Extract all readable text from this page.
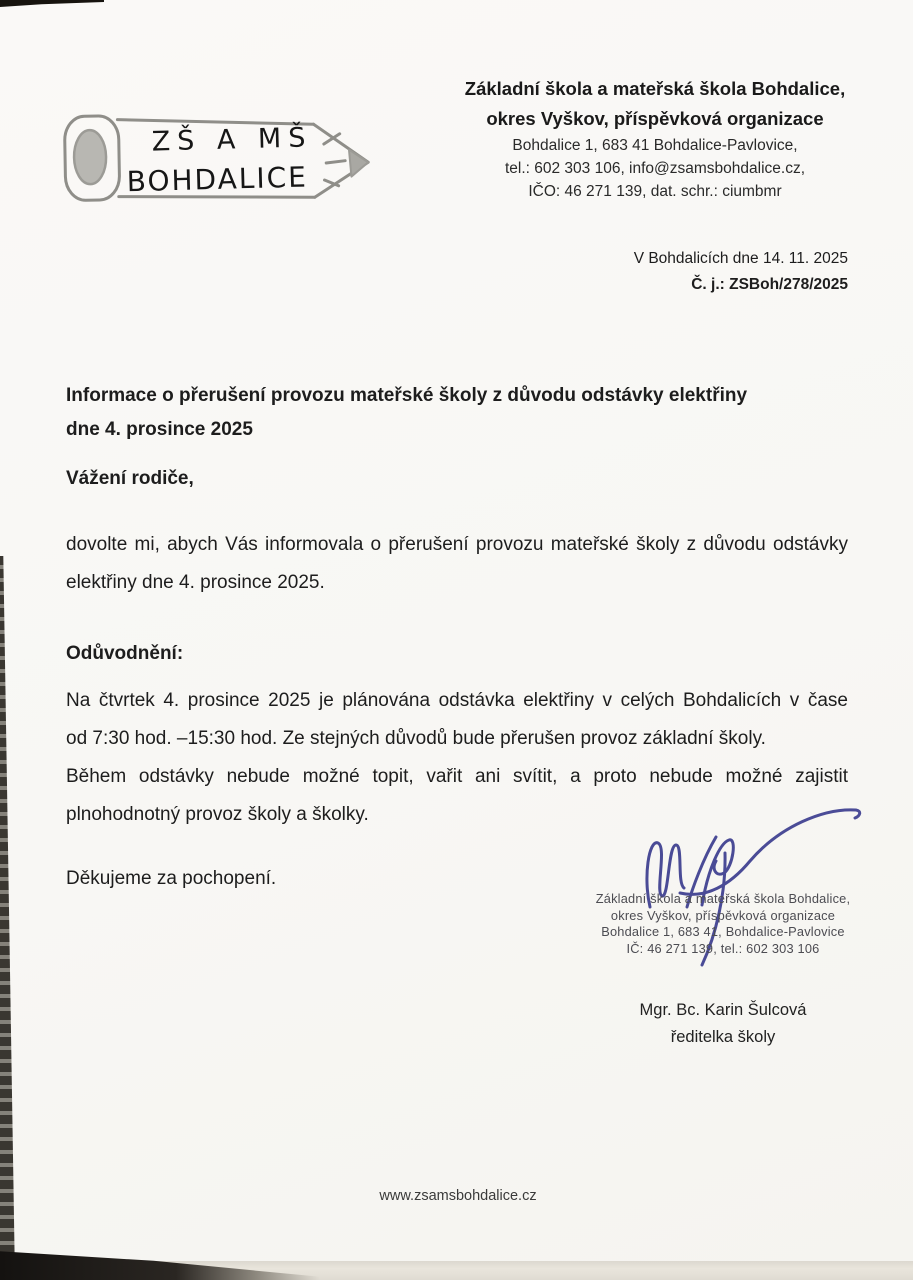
ZŠ A MŠ
BOHDALICE
Základní škola a mateřská škola Bohdalice,
okres Vyškov, příspěvková organizace
Bohdalice 1, 683 41 Bohdalice-Pavlovice,
tel.: 602 303 106, info@zsamsbohdalice.cz,
IČO: 46 271 139, dat. schr.: ciumbmr
V Bohdalicích dne 14. 11. 2025
Č. j.: ZSBoh/278/2025
Informace o přerušení provozu mateřské školy z důvodu odstávky elektřiny
dne 4. prosince 2025
Vážení rodiče,
dovolte mi, abych Vás informovala o přerušení provozu mateřské školy z důvodu odstávky
elektřiny dne 4. prosince 2025.
Odůvodnění:
Na čtvrtek 4. prosince 2025 je plánována odstávka elektřiny v celých Bohdalicích v čase
od 7:30 hod. –15:30 hod. Ze stejných důvodů bude přerušen provoz základní školy.
Během odstávky nebude možné topit, vařit ani svítit, a proto nebude možné zajistit
plnohodnotný provoz školy a školky.
Děkujeme za pochopení.
Základní škola a mateřská škola Bohdalice,
okres Vyškov, příspěvková organizace
Bohdalice 1, 683 41, Bohdalice-Pavlovice
IČ: 46 271 139, tel.: 602 303 106
Mgr. Bc. Karin Šulcová
ředitelka školy
www.zsamsbohdalice.cz
